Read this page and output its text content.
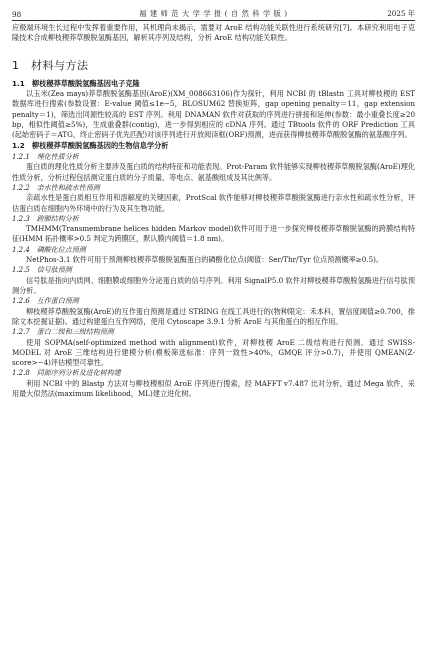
98	福 建 师 范 大 学 学 报 ( 自 然 科 学 版 )	2025 年

应极端环境生长过程中发挥着重要作用，其机理尚未揭示，需要对 AroE 结构功能关联性进行系统研究[7]。本研究利用电子克隆技术合成柳枝稷莽草酸脱氢酶基因，解析其序列及结构，分析 AroE 结构功能关联性。

1　材料与方法
1.1　柳枝稷莽草酸脱氢酶基因电子克隆

以玉米(Zea mays)莽草酸脱氢酶基因(AroE)(XM_008663106)作为探针，利用 NCBI 的 tBlastn 工具对柳枝稷的 EST 数据库进行搜索(参数设置：E-value 阈值≤1e−5，BLOSUM62 替换矩阵，gap opening penalty＝11，gap extension penalty＝1)，筛选出同源性较高的 EST 序列。利用 DNAMAN 软件对获取的序列进行拼接和延伸(参数：最小重叠长度≥20 bp，相似性阈值≥5%)，生成重叠群(contig)，进一步得到相应的 cDNA 序列。通过 TBtools 软件的 ORF Prediction 工具(起始密码子＝ATG，终止密码子优先匹配)对该序列进行开放阅读框(ORF)预测，进而获得柳枝稷莽草酸脱氢酶的氨基酸序列。

1.2　柳枝稷莽草酸脱氢酶基因的生物信息学分析
1.2.1　理化性质分析

蛋白质的理化性质分析主要涉及蛋白质的结构特征和功能表现。Prot-Param 软件能够实现柳枝稷莽草酸脱氢酶(AroE)理化性质分析，分析过程包括测定蛋白质的分子质量、等电点、氨基酸组成及其比例等。

1.2.2　亲水性和疏水性预测

亲疏水性是蛋白质相互作用和溶解度的关键因素，ProtScal 软件能够对柳枝稷莽草酸脱氢酶进行亲水性和疏水性分析，评估蛋白质在细胞内外环境中的行为及其生物功能。

1.2.3　跨膜结构分析

TMHMM(Transmembrane helices hidden Markov model)软件可用于进一步探究柳枝稷莽草酸脱氢酶的跨膜结构特征(HMM 拓扑概率>0.5 判定为跨膜区，默认膜内阈值＝1.8 nm)。

1.2.4　磷酸化位点预测

NetPhos-3.1 软件可用于预测柳枝稷莽草酸脱氢酶蛋白的磷酸化位点(阈值：Ser/Thr/Tyr 位点预测概率≥0.5)。

1.2.5　信号肽预测

信号肽是指向内质网、细胞膜或细胞外分泌蛋白质的信号序列。利用 SignalP5.0 软件对柳枝稷莽草酸脱氢酶进行信号肽预测分析。

1.2.6　互作蛋白预测

柳枝稷莽草酸脱氢酶(AroE)的互作蛋白预测是通过 STRING 在线工具进行的(物种限定：禾本科，置信度阈值≥0.700，排除文本挖掘证据)。通过构建蛋白互作网络，使用 Cytoscape 3.9.1 分析 AroE 与其他蛋白的相互作用。

1.2.7　蛋白二级和三级结构预测

使用 SOPMA(self-optimized method with alignment)软件，对柳枝稷 AroE 二级结构进行预测。通过 SWISS-MODEL 对 AroE 三维结构进行建模分析(模板筛选标准：序列一致性>40%，GMQE 评分>0.7)，并使用 QMEAN(Z-score>−4)评估模型可靠性。

1.2.8　同源序列分析及进化树构建

利用 NCBI 中的 Blastp 方法对与柳枝稷相似 AroE 序列进行搜索，经 MAFFT v7.487 比对分析，通过 Mega 软件，采用最大似然法(maximum likelihood，ML)建立进化树。
